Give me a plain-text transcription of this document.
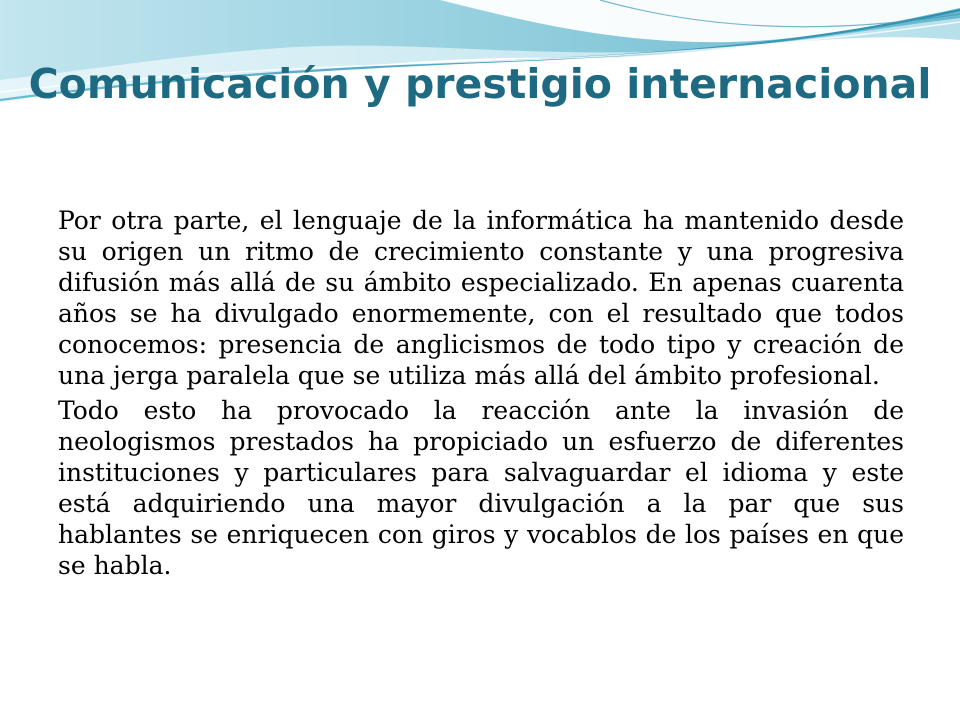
Comunicación y prestigio internacional

Por otra parte, el lenguaje de la informática ha mantenido desde su origen un ritmo de crecimiento constante y una progresiva difusión más allá de su ámbito especializado. En apenas cuarenta años se ha divulgado enormemente, con el resultado que todos conocemos: presencia de anglicismos de todo tipo y creación de una jerga paralela que se utiliza más allá del ámbito profesional.

Todo esto ha provocado la reacción ante la invasión de neologismos prestados ha propiciado un esfuerzo de diferentes instituciones y particulares para salvaguardar el idioma y este está adquiriendo una mayor divulgación a la par que sus hablantes se enriquecen con giros y vocablos de los países en que se habla.
